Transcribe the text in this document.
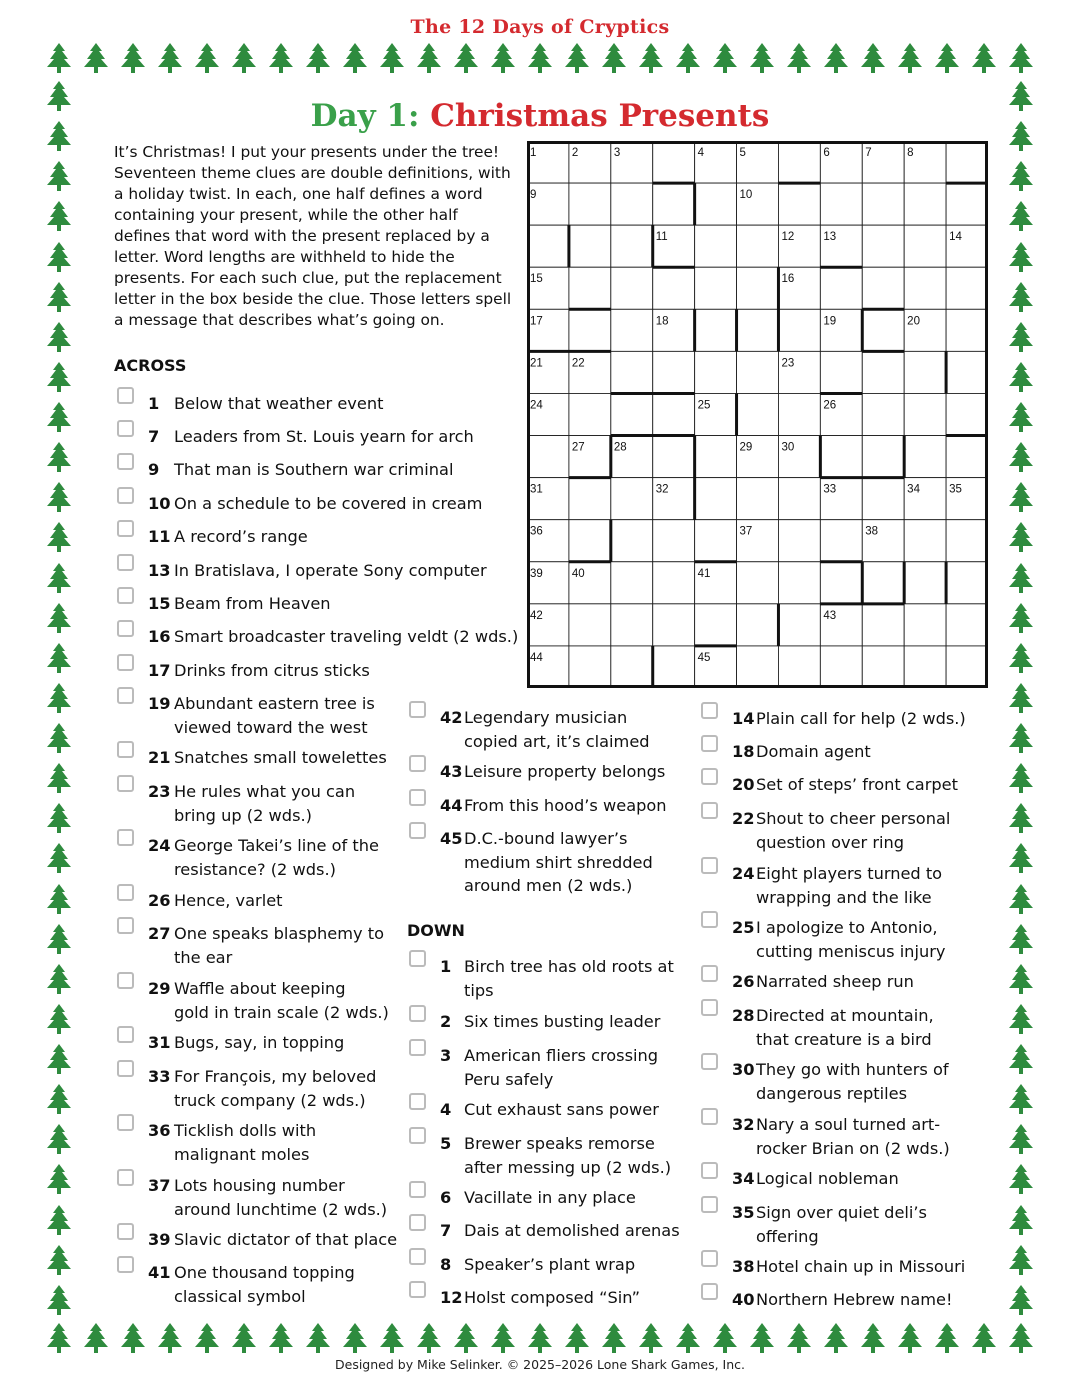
The 12 Days of Cryptics
Day 1: Christmas Presents
It’s Christmas! I put your presents under the tree! Seventeen theme clues are double definitions, with a holiday twist. In each, one half defines a word containing your present, while the other half defines that word with the present replaced by a letter. Word lengths are withheld to hide the presents. For each such clue, put the replacement letter in the box beside the clue. Those letters spell a message that describes what’s going on.
1	2	3	4	5	6	7	8
9	10
11	12	13	14
15	16
17	18	19	20
21	22	23
24	25	26
27	28	29	30
31	32	33	34	35
36	37	38
39	40	41
42	43
44	45
ACROSS
1 Below that weather event
7 Leaders from St. Louis yearn for arch
9 That man is Southern war criminal
10 On a schedule to be covered in cream
11 A record’s range
13 In Bratislava, I operate Sony computer
15 Beam from Heaven
16 Smart broadcaster traveling veldt (2 wds.)
17 Drinks from citrus sticks
19 Abundant eastern tree is
viewed toward the west
21 Snatches small towelettes
23 He rules what you can
bring up (2 wds.)
24 George Takei’s line of the
resistance? (2 wds.)
26 Hence, varlet
27 One speaks blasphemy to
the ear
29 Waffle about keeping
gold in train scale (2 wds.)
31 Bugs, say, in topping
33 For François, my beloved
truck company (2 wds.)
36 Ticklish dolls with
malignant moles
37 Lots housing number
around lunchtime (2 wds.)
39 Slavic dictator of that place
41 One thousand topping
classical symbol
42 Legendary musician
copied art, it’s claimed
43 Leisure property belongs
44 From this hood’s weapon
45 D.C.-bound lawyer’s
medium shirt shredded
around men (2 wds.)
DOWN
1 Birch tree has old roots at
tips
2 Six times busting leader
3 American fliers crossing
Peru safely
4 Cut exhaust sans power
5 Brewer speaks remorse
after messing up (2 wds.)
6 Vacillate in any place
7 Dais at demolished arenas
8 Speaker’s plant wrap
12 Holst composed “Sin”
14 Plain call for help (2 wds.)
18 Domain agent
20 Set of steps’ front carpet
22 Shout to cheer personal
question over ring
24 Eight players turned to
wrapping and the like
25 I apologize to Antonio,
cutting meniscus injury
26 Narrated sheep run
28 Directed at mountain,
that creature is a bird
30 They go with hunters of
dangerous reptiles
32 Nary a soul turned art-
rocker Brian on (2 wds.)
34 Logical nobleman
35 Sign over quiet deli’s
offering
38 Hotel chain up in Missouri
40 Northern Hebrew name!
Designed by Mike Selinker. © 2025–2026 Lone Shark Games, Inc.
